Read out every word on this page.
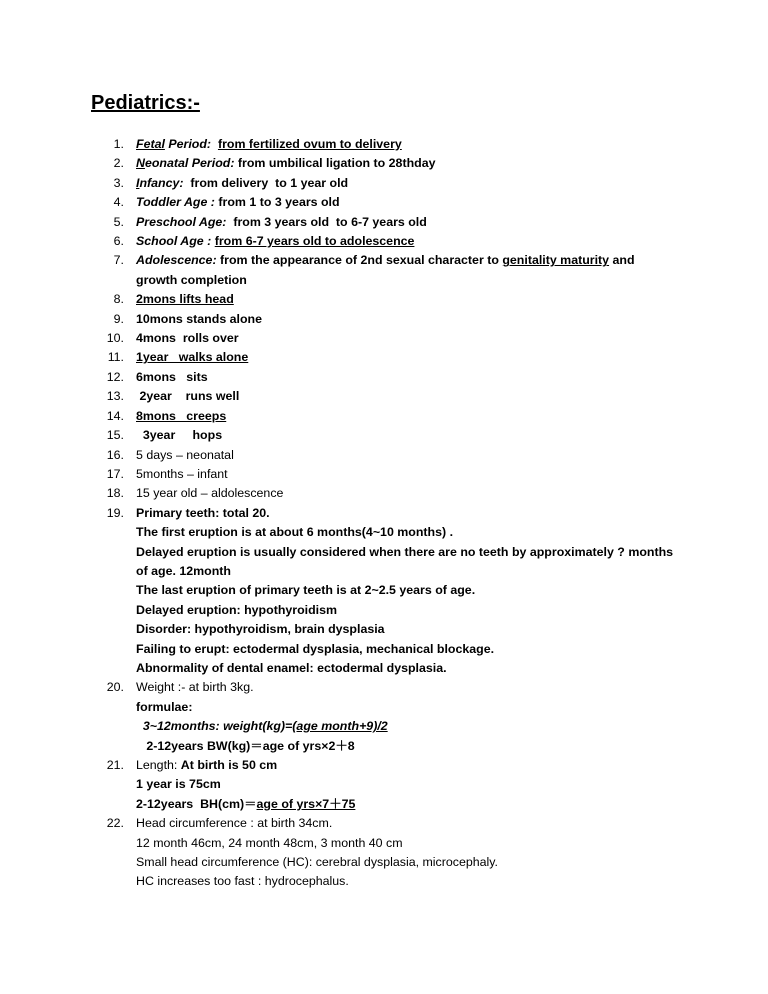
Pediatrics:-
1. Fetal Period: from fertilized ovum to delivery
2. Neonatal Period: from umbilical ligation to 28thday
3. Infancy:  from delivery  to 1 year old
4. Toddler Age : from 1 to 3 years old
5. Preschool Age:  from 3 years old  to 6-7 years old
6. School Age : from 6-7 years old to adolescence
7. Adolescence: from the appearance of 2nd sexual character to genitality maturity and growth completion
8. 2mons lifts head
9. 10mons stands alone
10. 4mons  rolls over
11. 1year   walks alone
12. 6mons   sits
13. 2year    runs well
14. 8mons   creeps
15. 3year     hops
16. 5 days – neonatal
17. 5months – infant
18. 15 year old – aldolescence
19. Primary teeth: total 20.
The first eruption is at about 6 months(4~10 months) .
Delayed eruption is usually considered when there are no teeth by approximately ? months of age. 12month
The last eruption of primary teeth is at 2~2.5 years of age.
Delayed eruption: hypothyroidism
Disorder: hypothyroidism, brain dysplasia
Failing to erupt: ectodermal dysplasia, mechanical blockage.
Abnormality of dental enamel: ectodermal dysplasia.
20. Weight :- at birth 3kg.
formulae:
3~12months: weight(kg)=(age month+9)/2
2-12years BW(kg)＝age of yrs×2＋8
21. Length: At birth is 50 cm
1 year is 75cm
2-12years  BH(cm)＝age of yrs×7＋75
22. Head circumference : at birth 34cm.
12 month 46cm, 24 month 48cm, 3 month 40 cm
Small head circumference (HC): cerebral dysplasia, microcephaly.
HC increases too fast : hydrocephalus.
